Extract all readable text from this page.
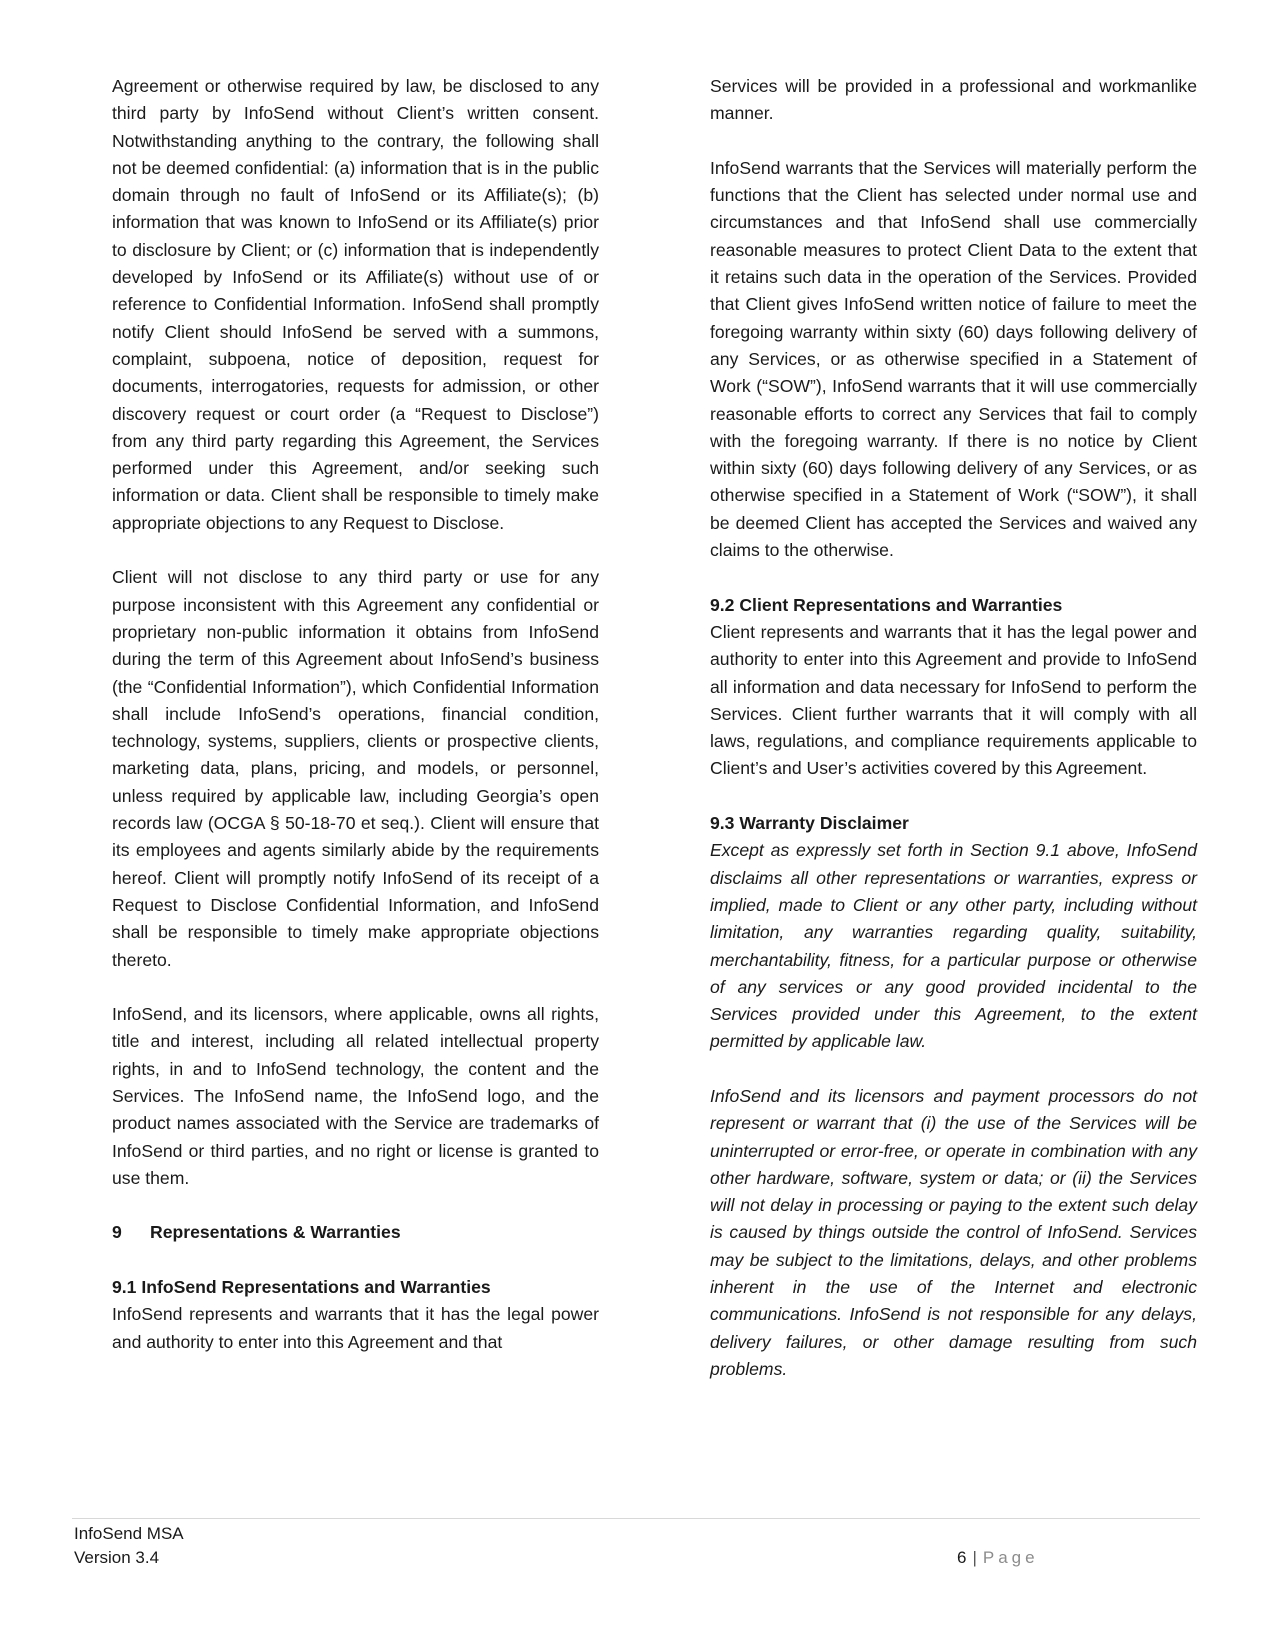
Agreement or otherwise required by law, be disclosed to any third party by InfoSend without Client’s written consent. Notwithstanding anything to the contrary, the following shall not be deemed confidential: (a) information that is in the public domain through no fault of InfoSend or its Affiliate(s); (b) information that was known to InfoSend or its Affiliate(s) prior to disclosure by Client; or (c) information that is independently developed by InfoSend or its Affiliate(s) without use of or reference to Confidential Information. InfoSend shall promptly notify Client should InfoSend be served with a summons, complaint, subpoena, notice of deposition, request for documents, interrogatories, requests for admission, or other discovery request or court order (a “Request to Disclose”) from any third party regarding this Agreement, the Services performed under this Agreement, and/or seeking such information or data. Client shall be responsible to timely make appropriate objections to any Request to Disclose.

Client will not disclose to any third party or use for any purpose inconsistent with this Agreement any confidential or proprietary non-public information it obtains from InfoSend during the term of this Agreement about InfoSend’s business (the “Confidential Information”), which Confidential Information shall include InfoSend’s operations, financial condition, technology, systems, suppliers, clients or prospective clients, marketing data, plans, pricing, and models, or personnel, unless required by applicable law, including Georgia’s open records law (OCGA § 50-18-70 et seq.). Client will ensure that its employees and agents similarly abide by the requirements hereof. Client will promptly notify InfoSend of its receipt of a Request to Disclose Confidential Information, and InfoSend shall be responsible to timely make appropriate objections thereto.

InfoSend, and its licensors, where applicable, owns all rights, title and interest, including all related intellectual property rights, in and to InfoSend technology, the content and the Services. The InfoSend name, the InfoSend logo, and the product names associated with the Service are trademarks of InfoSend or third parties, and no right or license is granted to use them.

9 Representations & Warranties
9.1 InfoSend Representations and Warranties

InfoSend represents and warrants that it has the legal power and authority to enter into this Agreement and that

Services will be provided in a professional and workmanlike manner.

InfoSend warrants that the Services will materially perform the functions that the Client has selected under normal use and circumstances and that InfoSend shall use commercially reasonable measures to protect Client Data to the extent that it retains such data in the operation of the Services. Provided that Client gives InfoSend written notice of failure to meet the foregoing warranty within sixty (60) days following delivery of any Services, or as otherwise specified in a Statement of Work (“SOW”), InfoSend warrants that it will use commercially reasonable efforts to correct any Services that fail to comply with the foregoing warranty. If there is no notice by Client within sixty (60) days following delivery of any Services, or as otherwise specified in a Statement of Work (“SOW”), it shall be deemed Client has accepted the Services and waived any claims to the otherwise.

9.2 Client Representations and Warranties

Client represents and warrants that it has the legal power and authority to enter into this Agreement and provide to InfoSend all information and data necessary for InfoSend to perform the Services. Client further warrants that it will comply with all laws, regulations, and compliance requirements applicable to Client’s and User’s activities covered by this Agreement.

9.3 Warranty Disclaimer

Except as expressly set forth in Section 9.1 above, InfoSend disclaims all other representations or warranties, express or implied, made to Client or any other party, including without limitation, any warranties regarding quality, suitability, merchantability, fitness, for a particular purpose or otherwise of any services or any good provided incidental to the Services provided under this Agreement, to the extent permitted by applicable law.

InfoSend and its licensors and payment processors do not represent or warrant that (i) the use of the Services will be uninterrupted or error-free, or operate in combination with any other hardware, software, system or data; or (ii) the Services will not delay in processing or paying to the extent such delay is caused by things outside the control of InfoSend. Services may be subject to the limitations, delays, and other problems inherent in the use of the Internet and electronic communications. InfoSend is not responsible for any delays, delivery failures, or other damage resulting from such problems.

InfoSend MSA
Version 3.4	6 | Page
